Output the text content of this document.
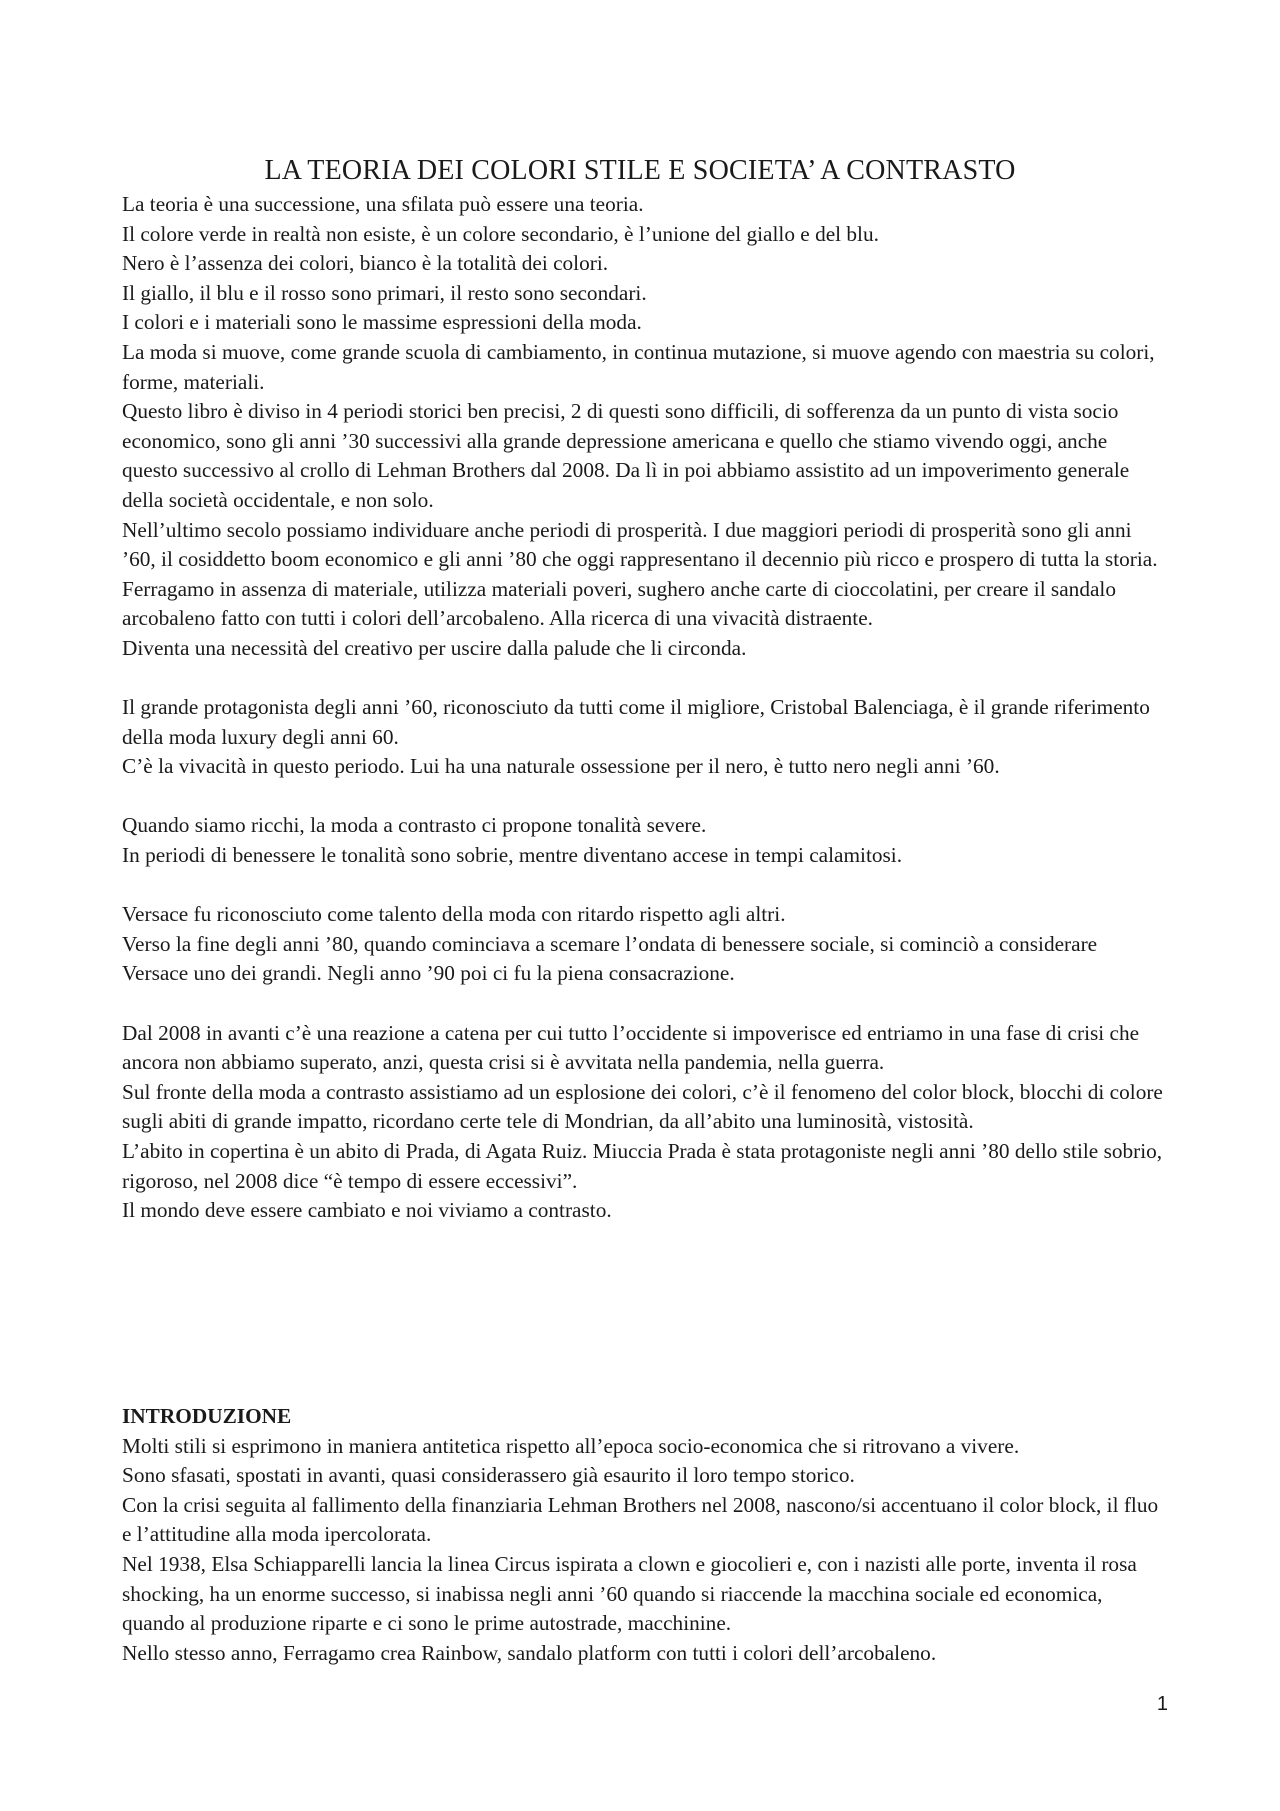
LA TEORIA DEI COLORI STILE E SOCIETA’ A CONTRASTO

La teoria è una successione, una sfilata può essere una teoria.

Il colore verde in realtà non esiste, è un colore secondario, è l’unione del giallo e del blu.

Nero è l’assenza dei colori, bianco è la totalità dei colori.

Il giallo, il blu e il rosso sono primari, il resto sono secondari.

I colori e i materiali sono le massime espressioni della moda.

La moda si muove, come grande scuola di cambiamento, in continua mutazione, si muove agendo con maestria su colori, forme, materiali.

Questo libro è diviso in 4 periodi storici ben precisi, 2 di questi sono difficili, di sofferenza da un punto di vista socio economico, sono gli anni ’30 successivi alla grande depressione americana e quello che stiamo vivendo oggi, anche questo successivo al crollo di Lehman Brothers dal 2008. Da lì in poi abbiamo assistito ad un impoverimento generale della società occidentale, e non solo.

Nell’ultimo secolo possiamo individuare anche periodi di prosperità. I due maggiori periodi di prosperità sono gli anni ’60, il cosiddetto boom economico e gli anni ’80 che oggi rappresentano il decennio più ricco e prospero di tutta la storia.

Ferragamo in assenza di materiale, utilizza materiali poveri, sughero anche carte di cioccolatini, per creare il sandalo arcobaleno fatto con tutti i colori dell’arcobaleno. Alla ricerca di una vivacità distraente.

Diventa una necessità del creativo per uscire dalla palude che li circonda.

Il grande protagonista degli anni ’60, riconosciuto da tutti come il migliore, Cristobal Balenciaga, è il grande riferimento della moda luxury degli anni 60.

C’è la vivacità in questo periodo. Lui ha una naturale ossessione per il nero, è tutto nero negli anni ’60.

Quando siamo ricchi, la moda a contrasto ci propone tonalità severe.

In periodi di benessere le tonalità sono sobrie, mentre diventano accese in tempi calamitosi.

Versace fu riconosciuto come talento della moda con ritardo rispetto agli altri.

Verso la fine degli anni ’80, quando cominciava a scemare l’ondata di benessere sociale, si cominciò a considerare Versace uno dei grandi. Negli anno ’90 poi ci fu la piena consacrazione.

Dal 2008 in avanti c’è una reazione a catena per cui tutto l’occidente si impoverisce ed entriamo in una fase di crisi che ancora non abbiamo superato, anzi, questa crisi si è avvitata nella pandemia, nella guerra.

Sul fronte della moda a contrasto assistiamo ad un esplosione dei colori, c’è il fenomeno del color block, blocchi di colore sugli abiti di grande impatto, ricordano certe tele di Mondrian, da all’abito una luminosità, vistosità.

L’abito in copertina è un abito di Prada, di Agata Ruiz. Miuccia Prada è stata protagoniste negli anni ’80 dello stile sobrio, rigoroso, nel 2008 dice “è tempo di essere eccessivi”.

Il mondo deve essere cambiato e noi viviamo a contrasto.

INTRODUZIONE

Molti stili si esprimono in maniera antitetica rispetto all’epoca socio-economica che si ritrovano a vivere.

Sono sfasati, spostati in avanti, quasi considerassero già esaurito il loro tempo storico.

Con la crisi seguita al fallimento della finanziaria Lehman Brothers nel 2008, nascono/si accentuano il color block, il fluo e l’attitudine alla moda ipercolorata.

Nel 1938, Elsa Schiapparelli lancia la linea Circus ispirata a clown e giocolieri e, con i nazisti alle porte, inventa il rosa shocking, ha un enorme successo, si inabissa negli anni ’60 quando si riaccende la macchina sociale ed economica, quando al produzione riparte e ci sono le prime autostrade, macchinine.

Nello stesso anno, Ferragamo crea Rainbow, sandalo platform con tutti i colori dell’arcobaleno.

1
